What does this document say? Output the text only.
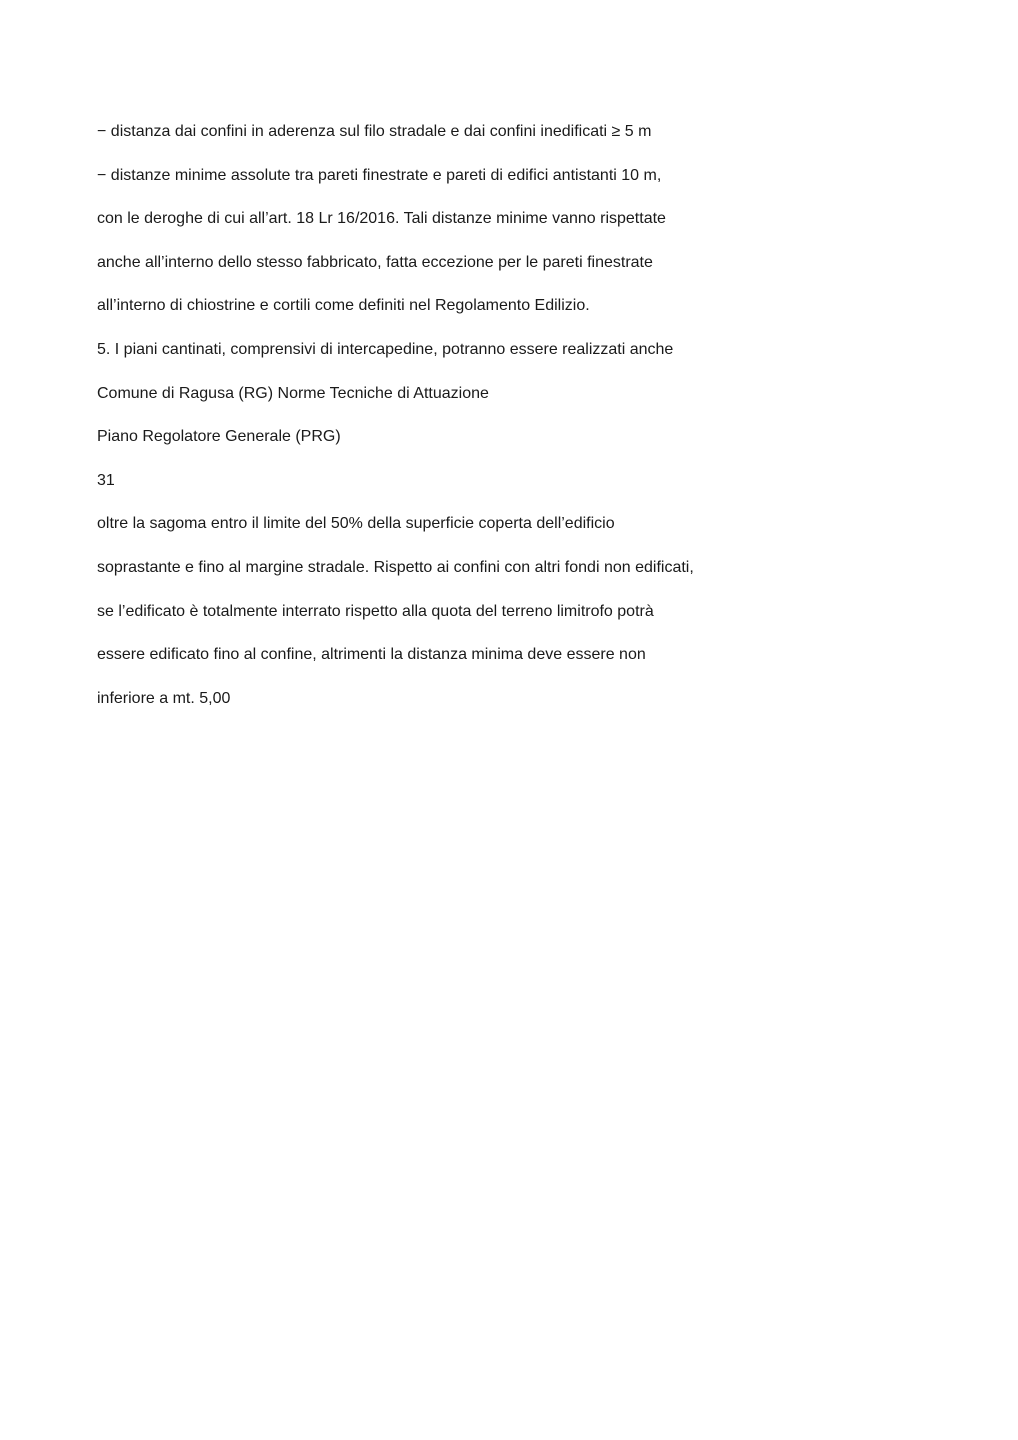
− distanza dai confini in aderenza sul filo stradale e dai confini inedificati ≥ 5 m
− distanze minime assolute tra pareti finestrate e pareti di edifici antistanti 10 m,
con le deroghe di cui all’art. 18 Lr 16/2016. Tali distanze minime vanno rispettate
anche all’interno dello stesso fabbricato, fatta eccezione per le pareti finestrate
all’interno di chiostrine e cortili come definiti nel Regolamento Edilizio.
5. I piani cantinati, comprensivi di intercapedine, potranno essere realizzati anche
Comune di Ragusa (RG) Norme Tecniche di Attuazione
Piano Regolatore Generale (PRG)
31
oltre la sagoma entro il limite del 50% della superficie coperta dell’edificio
soprastante e fino al margine stradale. Rispetto ai confini con altri fondi non edificati,
se l’edificato è totalmente interrato rispetto alla quota del terreno limitrofo potrà
essere edificato fino al confine, altrimenti la distanza minima deve essere non
inferiore a mt. 5,00
